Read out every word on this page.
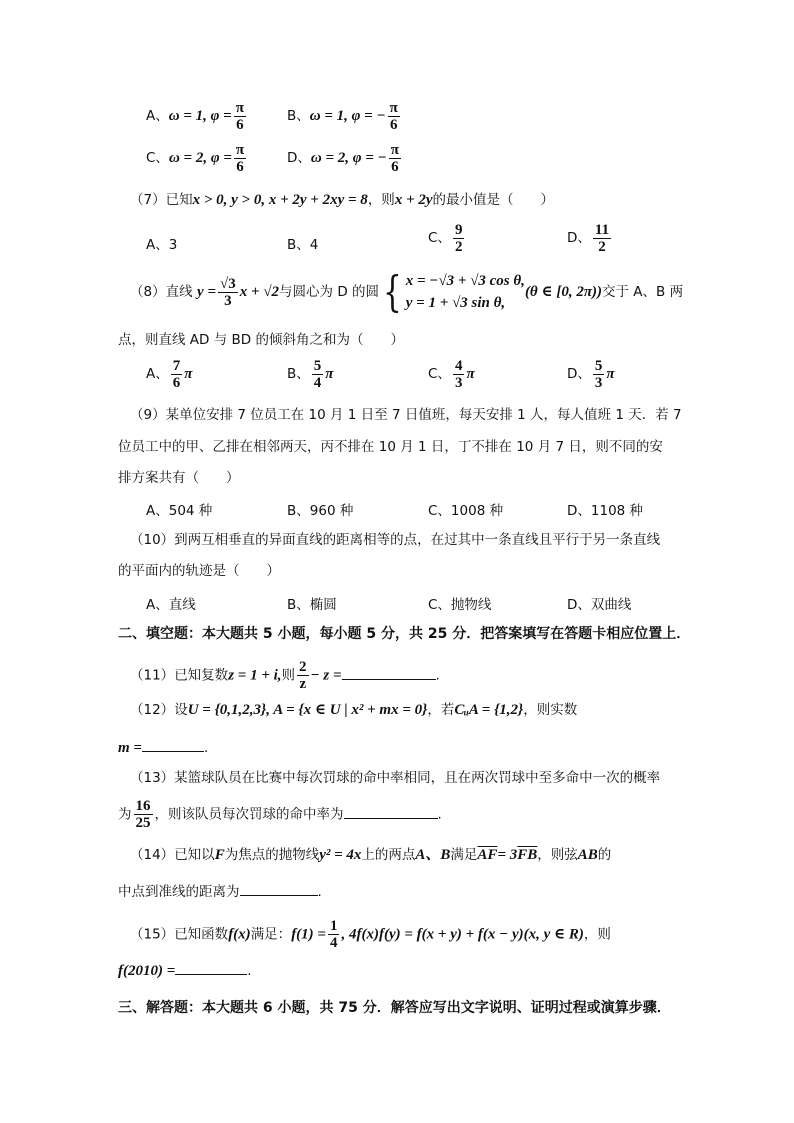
A、ω = 1, $\varphi = \frac{\pi}{6}$	B、ω = 1, φ = − $\frac{\pi}{6}$
C、ω = 2, $\varphi = \frac{\pi}{6}$	D、ω = 2, φ = − $\frac{\pi}{6}$
（7）已知x > 0, y > 0, x + 2y + 2xy = 8，则x + 2y的最小值是（　　）
A、3	B、4	C、 $\frac{9}{2}$	D、 $\frac{11}{2}$
（8）直线 $y = \frac{√3}{3}$ x + √2与圆心为 D 的圆{ x = −√3 + √3 cos θ,
y = 1 + √3 sin θ,
(θ ∈ [0, 2π))交于 A、B 两
点，则直线 AD 与 BD 的倾斜角之和为（　　）
A、 $\frac{7}{6}$ π	B、 $\frac{5}{4}$ π	C、 $\frac{4}{3}$ π	D、 $\frac{5}{3}$ π
（9）某单位安排 7 位员工在 10 月 1 日至 7 日值班，每天安排 1 人，每人值班 1 天．若 7
位员工中的甲、乙排在相邻两天，丙不排在 10 月 1 日，丁不排在 10 月 7 日，则不同的安
排方案共有（　　）
A、504 种	B、960 种	C、1008 种	D、1108 种
（10）到两互相垂直的异面直线的距离相等的点，在过其中一条直线且平行于另一条直线
的平面内的轨迹是（　　）
A、直线	B、椭圆	C、抛物线	D、双曲线
二、填空题：本大题共 5 小题，每小题 5 分，共 25 分．把答案填写在答题卡相应位置上．
（11）已知复数z = 1 + i,则 $\frac{2}{z} - z$ =	.
（12）设U = {0,1,2,3}, A = {x ∈ U | x² + mx = 0}，若CᵤA = {1,2}，则实数
m =	.
（13）某篮球队员在比赛中每次罚球的命中率相同，且在两次罚球中至多命中一次的概率
为 $\frac{16}{25}$ ，则该队员每次罚球的命中率为	.
（14）已知以F为焦点的抛物线y² = 4x上的两点A、B满足$\overline{AF}= 3\overline{FB}$，则弦AB的
中点到准线的距离为	.
（15）已知函数f(x)满足：$f(1) = \frac{1}{4}$ , 4f(x)f(y) = f(x + y) + f(x − y)(x, y ∈ R)，则
f(2010) =	.
三、解答题：本大题共 6 小题，共 75 分．解答应写出文字说明、证明过程或演算步骤．
